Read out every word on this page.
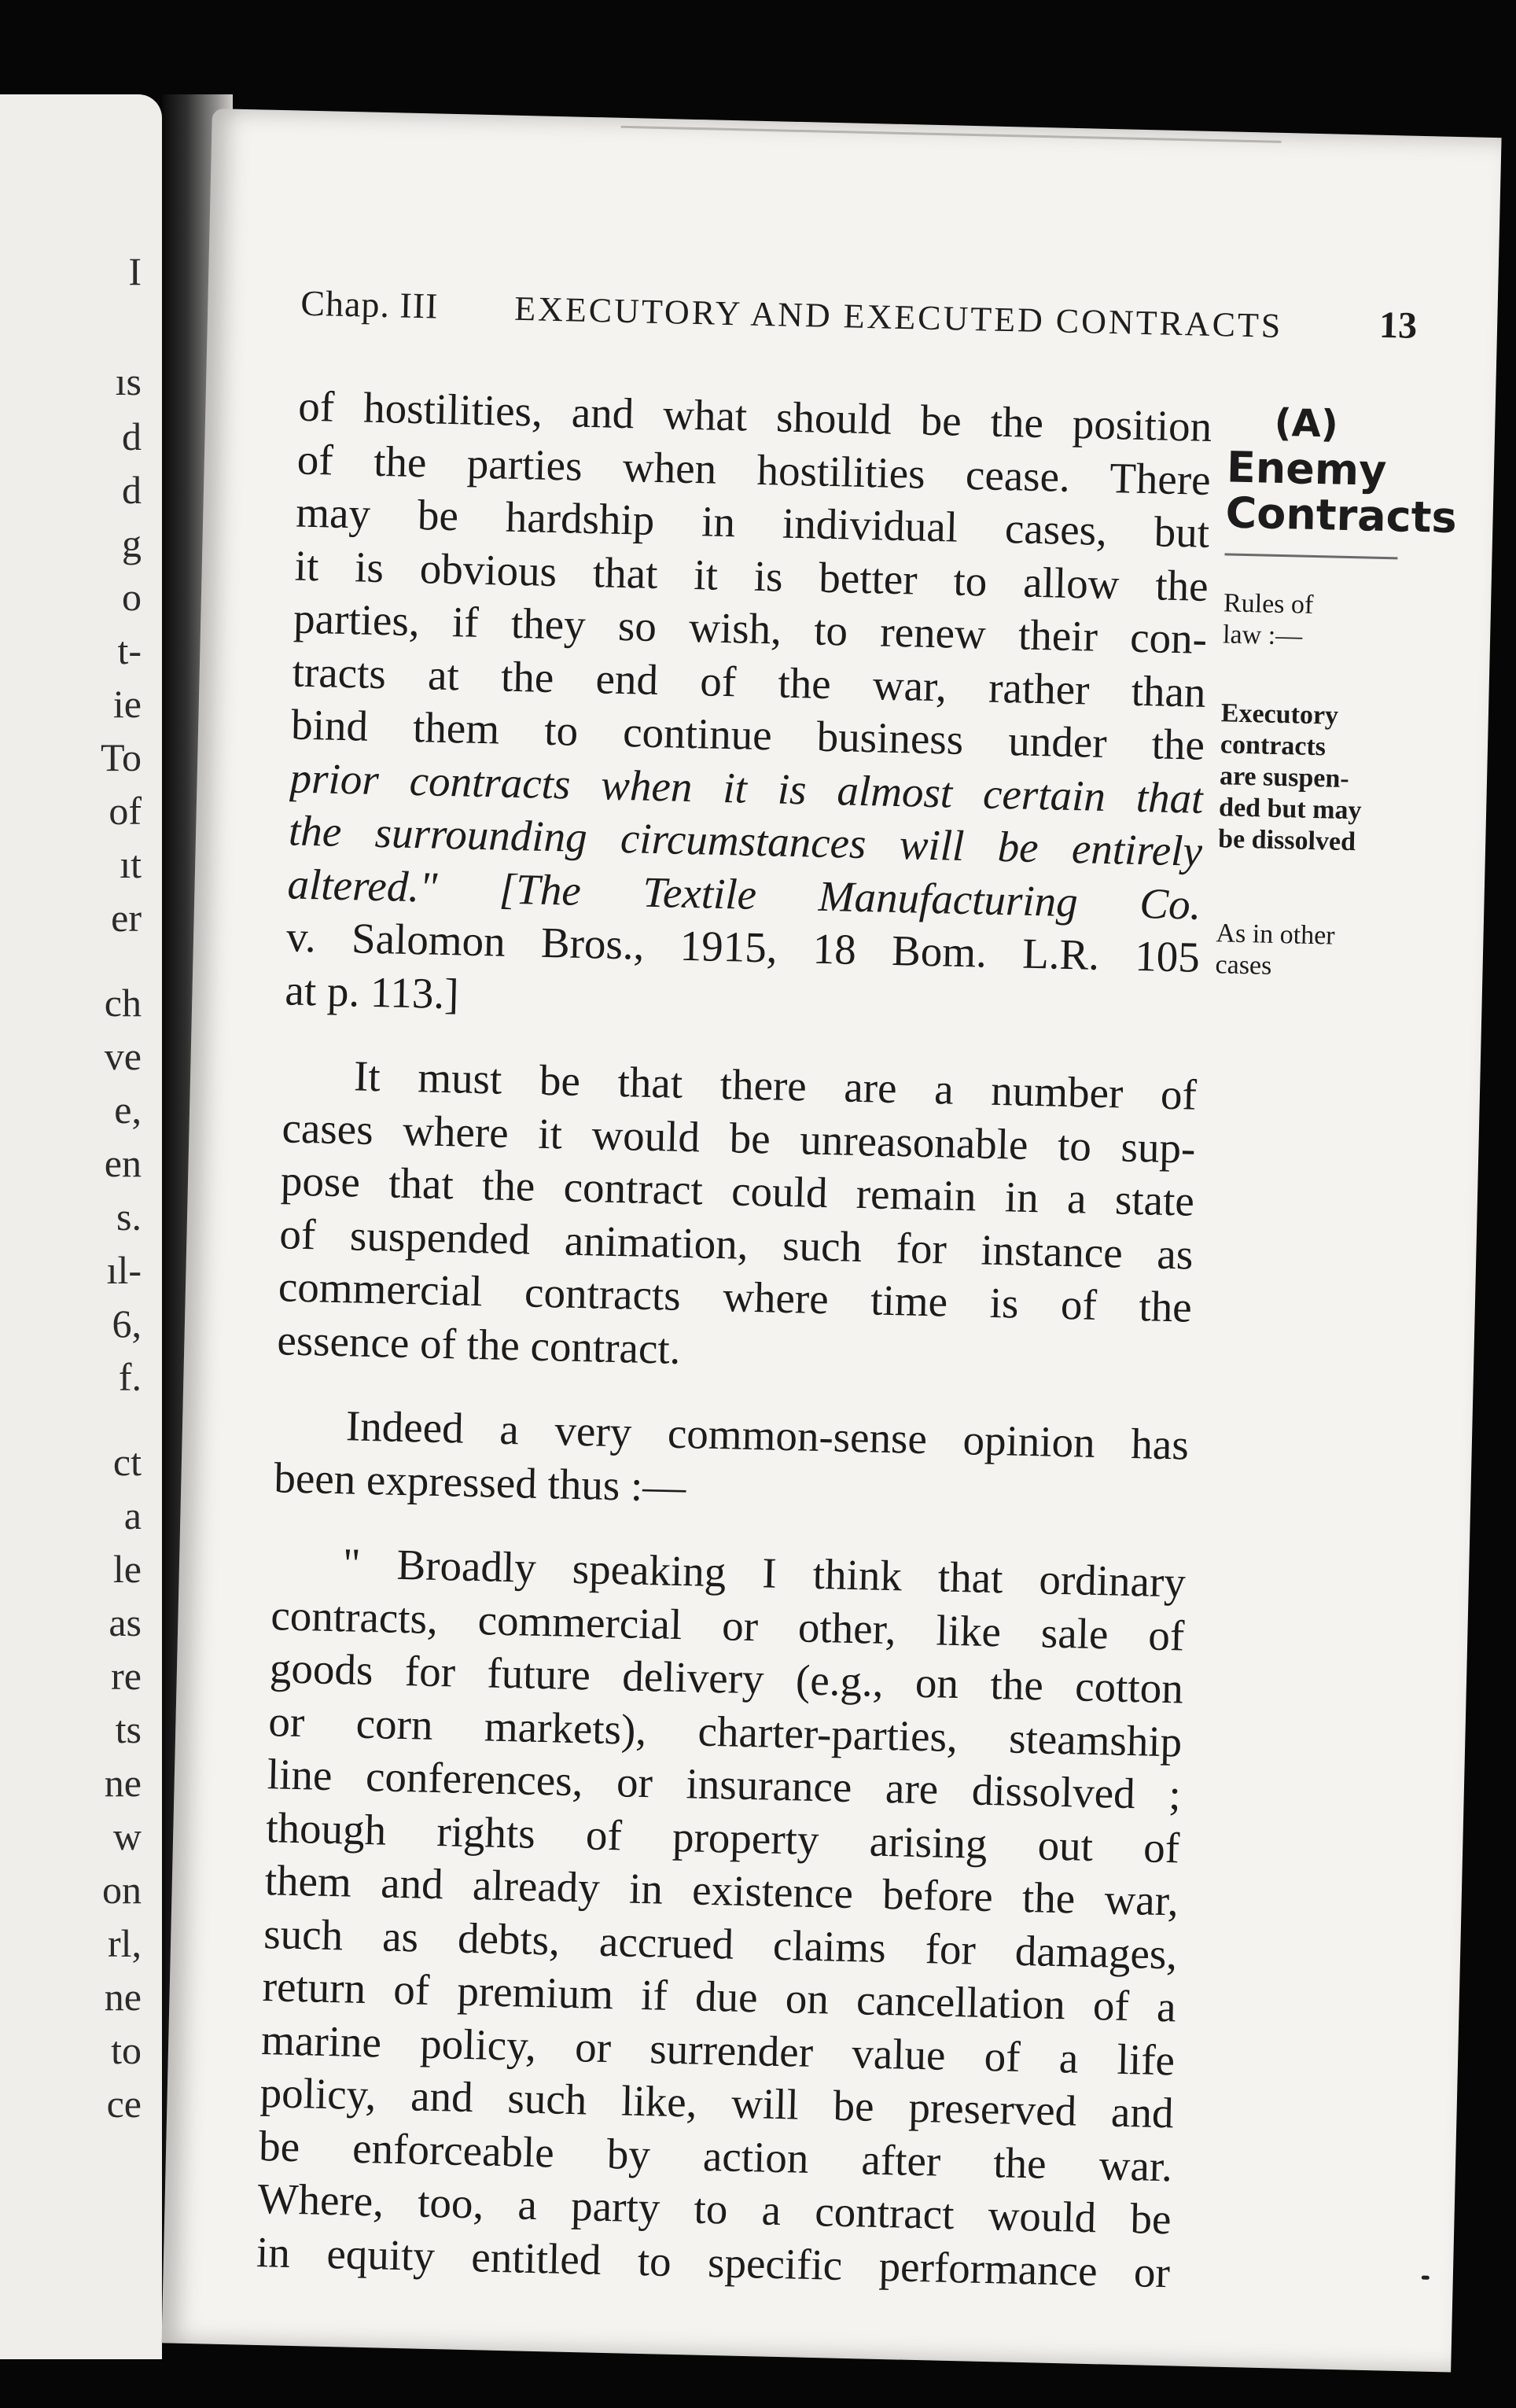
I
ıs
d
d
g
o
t-
ie
To
of
ıt
er
ch
ve
e,
en
s.
ıl-
6,
f.
ct
a
le
as
re
ts
ne
w
on
rl,
ne
to
ce
Chap. III EXECUTORY AND EXECUTED CONTRACTS	13
of hostilities, and what should be the position
of the parties when hostilities cease. There
may be hardship in individual cases, but
it is obvious that it is better to allow the
parties, if they so wish, to renew their con-
tracts at the end of the war, rather than
bind them to continue business under the
prior contracts when it is almost certain that
the surrounding circumstances will be entirely
altered." [The Textile Manufacturing Co.
v. Salomon Bros., 1915, 18 Bom. L.R. 105
at p. 113.]
It must be that there are a number of
cases where it would be unreasonable to sup-
pose that the contract could remain in a state
of suspended animation, such for instance as
commercial contracts where time is of the
essence of the contract.
Indeed a very common-sense opinion has
been expressed thus :—
" Broadly speaking I think that ordinary
contracts, commercial or other, like sale of
goods for future delivery (e.g., on the cotton
or corn markets), charter-parties, steamship
line conferences, or insurance are dissolved ;
though rights of property arising out of
them and already in existence before the war,
such as debts, accrued claims for damages,
return of premium if due on cancellation of a
marine policy, or surrender value of a life
policy, and such like, will be preserved and
be enforceable by action after the war.
Where, too, a party to a contract would be
in equity entitled to specific performance or
(A)
Enemy
Contracts
Rules of
law :—
Executory
contracts
are suspen-
ded but may
be dissolved
As in other
cases
